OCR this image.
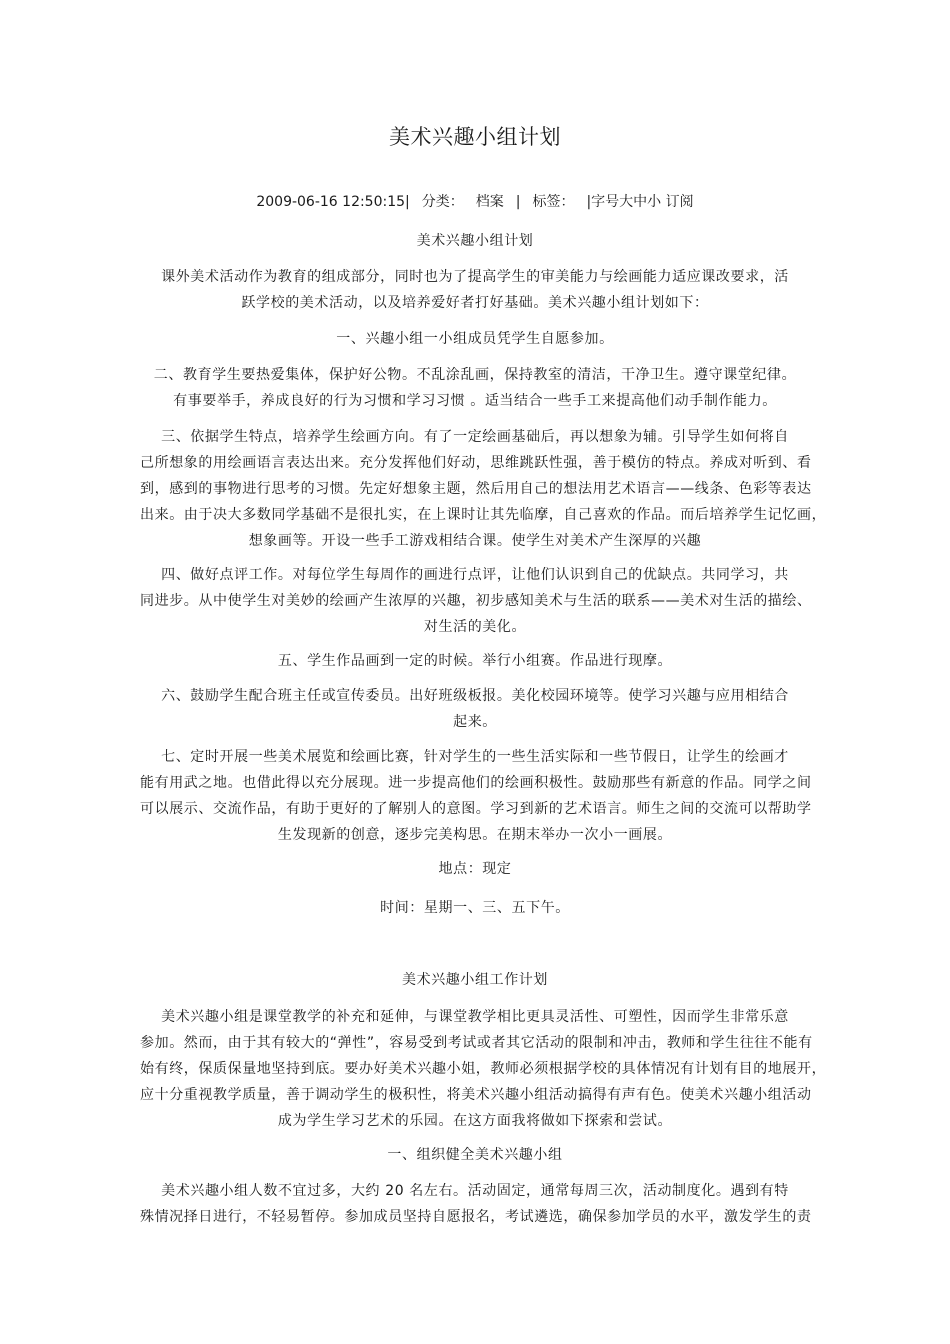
美术兴趣小组计划
2009-06-16 12:50:15| 分类： 档案 | 标签： |字号大中小 订阅
美术兴趣小组计划
课外美术活动作为教育的组成部分，同时也为了提高学生的审美能力与绘画能力适应课改要求，活
跃学校的美术活动，以及培养爱好者打好基础。美术兴趣小组计划如下：
一、兴趣小组一小组成员凭学生自愿参加。
二、教育学生要热爱集体，保护好公物。不乱涂乱画，保持教室的清洁，干净卫生。遵守课堂纪律。
有事要举手，养成良好的行为习惯和学习习惯 。适当结合一些手工来提高他们动手制作能力。
三、依据学生特点，培养学生绘画方向。有了一定绘画基础后，再以想象为辅。引导学生如何将自
己所想象的用绘画语言表达出来。充分发挥他们好动，思维跳跃性强，善于模仿的特点。养成对听到、看
到，感到的事物进行思考的习惯。先定好想象主题，然后用自己的想法用艺术语言——线条、色彩等表达
出来。由于决大多数同学基础不是很扎实，在上课时让其先临摩，自己喜欢的作品。而后培养学生记忆画，
想象画等。开设一些手工游戏相结合课。使学生对美术产生深厚的兴趣
四、做好点评工作。对每位学生每周作的画进行点评，让他们认识到自己的优缺点。共同学习，共
同进步。从中使学生对美妙的绘画产生浓厚的兴趣，初步感知美术与生活的联系——美术对生活的描绘、
对生活的美化。
五、学生作品画到一定的时候。举行小组赛。作品进行现摩。
六、鼓励学生配合班主任或宣传委员。出好班级板报。美化校园环境等。使学习兴趣与应用相结合
起来。
七、定时开展一些美术展览和绘画比赛，针对学生的一些生活实际和一些节假日，让学生的绘画才
能有用武之地。也借此得以充分展现。进一步提高他们的绘画积极性。鼓励那些有新意的作品。同学之间
可以展示、交流作品，有助于更好的了解别人的意图。学习到新的艺术语言。师生之间的交流可以帮助学
生发现新的创意，逐步完美构思。在期末举办一次小一画展。
地点：现定
时间：星期一、三、五下午。
美术兴趣小组工作计划
美术兴趣小组是课堂教学的补充和延伸，与课堂教学相比更具灵活性、可塑性，因而学生非常乐意
参加。然而，由于其有较大的“弹性”，容易受到考试或者其它活动的限制和冲击，教师和学生往往不能有
始有终，保质保量地坚持到底。要办好美术兴趣小姐，教师必须根据学校的具体情况有计划有目的地展开，
应十分重视教学质量，善于调动学生的极积性，将美术兴趣小组活动搞得有声有色。使美术兴趣小组活动
成为学生学习艺术的乐园。在这方面我将做如下探索和尝试。
一、组织健全美术兴趣小组
美术兴趣小组人数不宜过多，大约 20 名左右。活动固定，通常每周三次，活动制度化。遇到有特
殊情况择日进行，不轻易暂停。参加成员坚持自愿报名，考试遴选，确保参加学员的水平，激发学生的责
